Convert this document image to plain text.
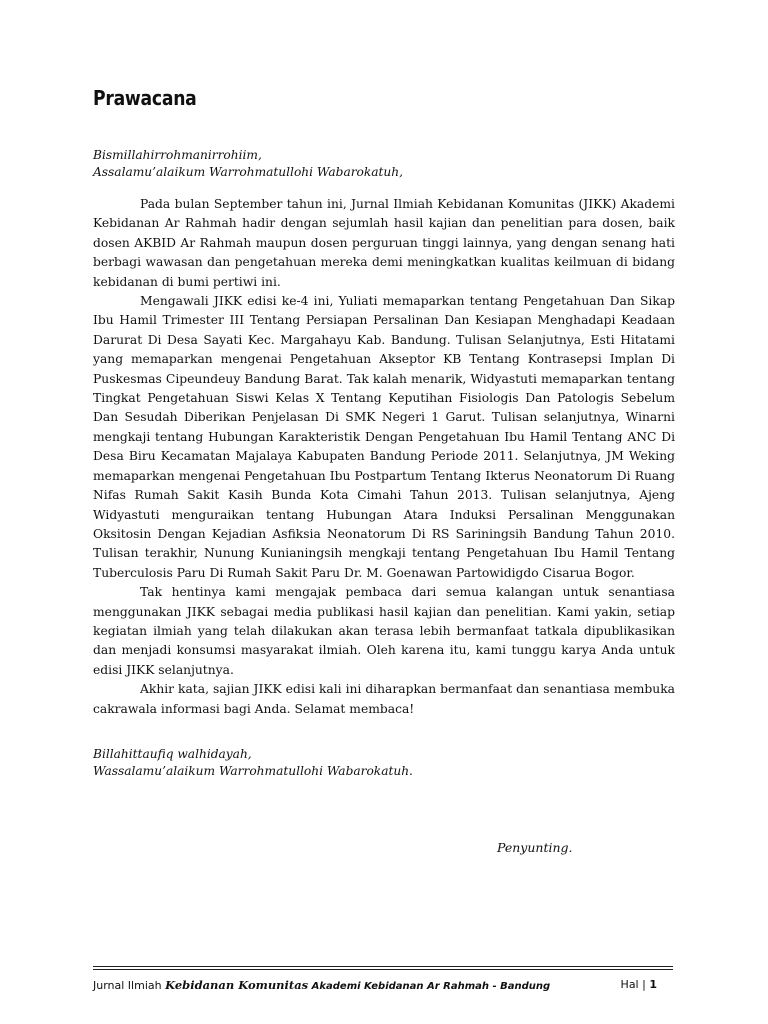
Prawacana
Bismillahirrohmanirrohiim,
Assalamu’alaikum Warrohmatullohi Wabarokatuh,

Pada bulan September tahun ini, Jurnal Ilmiah Kebidanan Komunitas (JIKK) Akademi Kebidanan Ar Rahmah hadir dengan sejumlah hasil kajian dan penelitian para dosen, baik dosen AKBID Ar Rahmah maupun dosen perguruan tinggi lainnya, yang dengan senang hati berbagi wawasan dan pengetahuan mereka demi meningkatkan kualitas keilmuan di bidang kebidanan di bumi pertiwi ini.

Mengawali JIKK edisi ke-4 ini, Yuliati memaparkan tentang Pengetahuan Dan Sikap Ibu Hamil Trimester III Tentang Persiapan Persalinan Dan Kesiapan Menghadapi Keadaan Darurat Di Desa Sayati Kec. Margahayu Kab. Bandung. Tulisan Selanjutnya, Esti Hitatami yang memaparkan mengenai Pengetahuan Akseptor KB Tentang Kontrasepsi Implan Di Puskesmas Cipeundeuy Bandung Barat. Tak kalah menarik, Widyastuti memaparkan tentang Tingkat Pengetahuan Siswi Kelas X Tentang Keputihan Fisiologis Dan Patologis Sebelum Dan Sesudah Diberikan Penjelasan Di SMK Negeri 1 Garut. Tulisan selanjutnya, Winarni mengkaji tentang Hubungan Karakteristik Dengan Pengetahuan Ibu Hamil Tentang ANC Di Desa Biru Kecamatan Majalaya Kabupaten Bandung Periode 2011. Selanjutnya, JM Weking memaparkan mengenai Pengetahuan Ibu Postpartum Tentang Ikterus Neonatorum Di Ruang Nifas Rumah Sakit Kasih Bunda Kota Cimahi Tahun 2013. Tulisan selanjutnya, Ajeng Widyastuti menguraikan tentang Hubungan Atara Induksi Persalinan Menggunakan Oksitosin Dengan Kejadian Asfiksia Neonatorum Di RS Sariningsih Bandung Tahun 2010. Tulisan terakhir, Nunung Kunianingsih mengkaji tentang Pengetahuan Ibu Hamil Tentang Tuberculosis Paru Di Rumah Sakit Paru Dr. M. Goenawan Partowidigdo Cisarua Bogor.

Tak hentinya kami mengajak pembaca dari semua kalangan untuk senantiasa menggunakan JIKK sebagai media publikasi hasil kajian dan penelitian. Kami yakin, setiap kegiatan ilmiah yang telah dilakukan akan terasa lebih bermanfaat tatkala dipublikasikan dan menjadi konsumsi masyarakat ilmiah. Oleh karena itu, kami tunggu karya Anda untuk edisi JIKK selanjutnya.

Akhir kata, sajian JIKK edisi kali ini diharapkan bermanfaat dan senantiasa membuka cakrawala informasi bagi Anda. Selamat membaca!

Billahittaufiq walhidayah,
Wassalamu’alaikum Warrohmatullohi Wabarokatuh.
Penyunting.
Jurnal Ilmiah Kebidanan Komunitas Akademi Kebidanan Ar Rahmah - Bandung	Hal | 1
